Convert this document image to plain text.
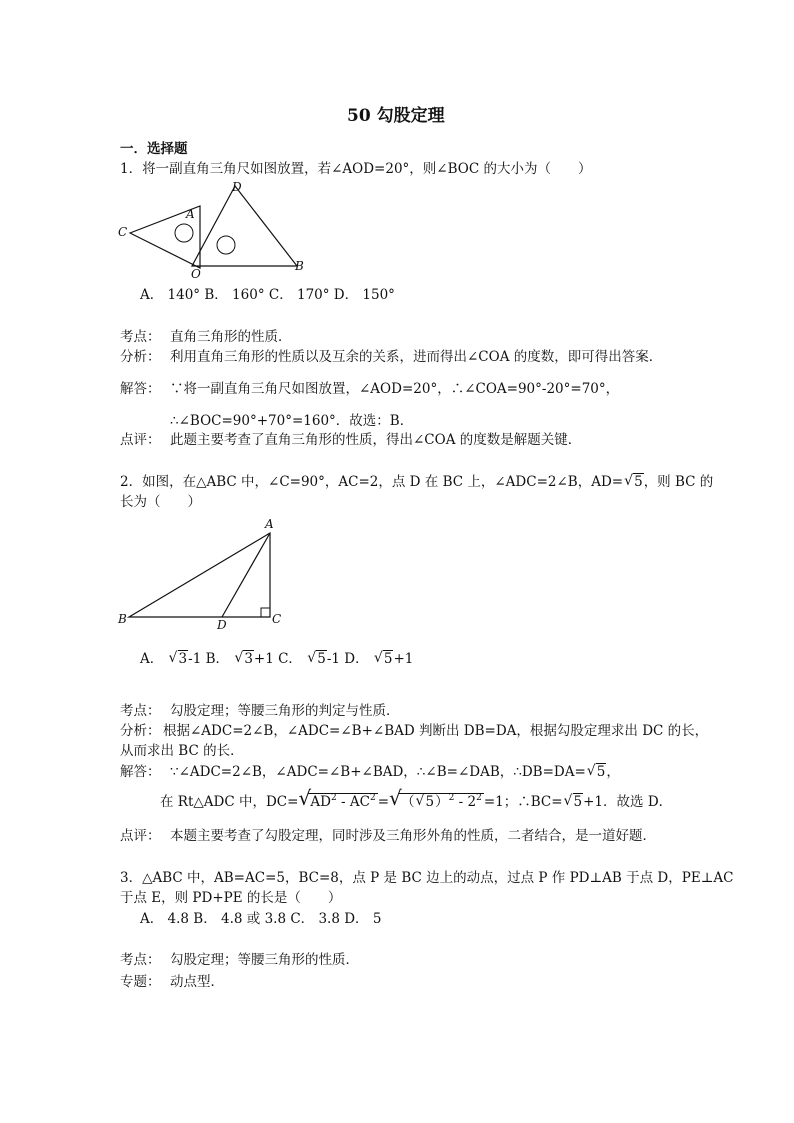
50 勾股定理
一．选择题
1．将一副直角三角尺如图放置，若∠AOD=20°，则∠BOC 的大小为（　　）
C
A
D
O
B
A． 140° B． 160° C． 170° D． 150°
考点： 直角三角形的性质．
分析： 利用直角三角形的性质以及互余的关系，进而得出∠COA 的度数，即可得出答案．
解答： ∵将一副直角三角尺如图放置，∠AOD=20°，∴∠COA=90°-20°=70°，
∴∠BOC=90°+70°=160°．故选：B．
点评： 此题主要考查了直角三角形的性质，得出∠COA 的度数是解题关键．
2．如图，在△ABC 中，∠C=90°，AC=2，点 D 在 BC 上，∠ADC=2∠B，AD= √ 5，则 BC 的
长为（　　）
A
B	D	C
A． √ 3-1 B． √ 3+1 C． √ 5-1 D． √ 5+1
考点： 勾股定理；等腰三角形的判定与性质．
分析： 根据∠ADC=2∠B，∠ADC=∠B+∠BAD 判断出 DB=DA，根据勾股定理求出 DC 的长，
从而求出 BC 的长．
解答： ∵∠ADC=2∠B，∠ADC=∠B+∠BAD，∴∠B=∠DAB，∴DB=DA= √ 5，
在 Rt△ADC 中，DC= √ $AD^2 - AC^2$ = √ （ √ $5)^2 - 2^2 =1$；∴BC= √ 5+1．故选 D．
点评： 本题主要考查了勾股定理，同时涉及三角形外角的性质，二者结合，是一道好题．
3．△ABC 中，AB=AC=5，BC=8，点 P 是 BC 边上的动点，过点 P 作 PD⊥AB 于点 D，PE⊥AC
于点 E，则 PD+PE 的长是（　　）
A． 4.8 B． 4.8 或 3.8 C． 3.8 D． 5
考点： 勾股定理；等腰三角形的性质．
专题： 动点型．
